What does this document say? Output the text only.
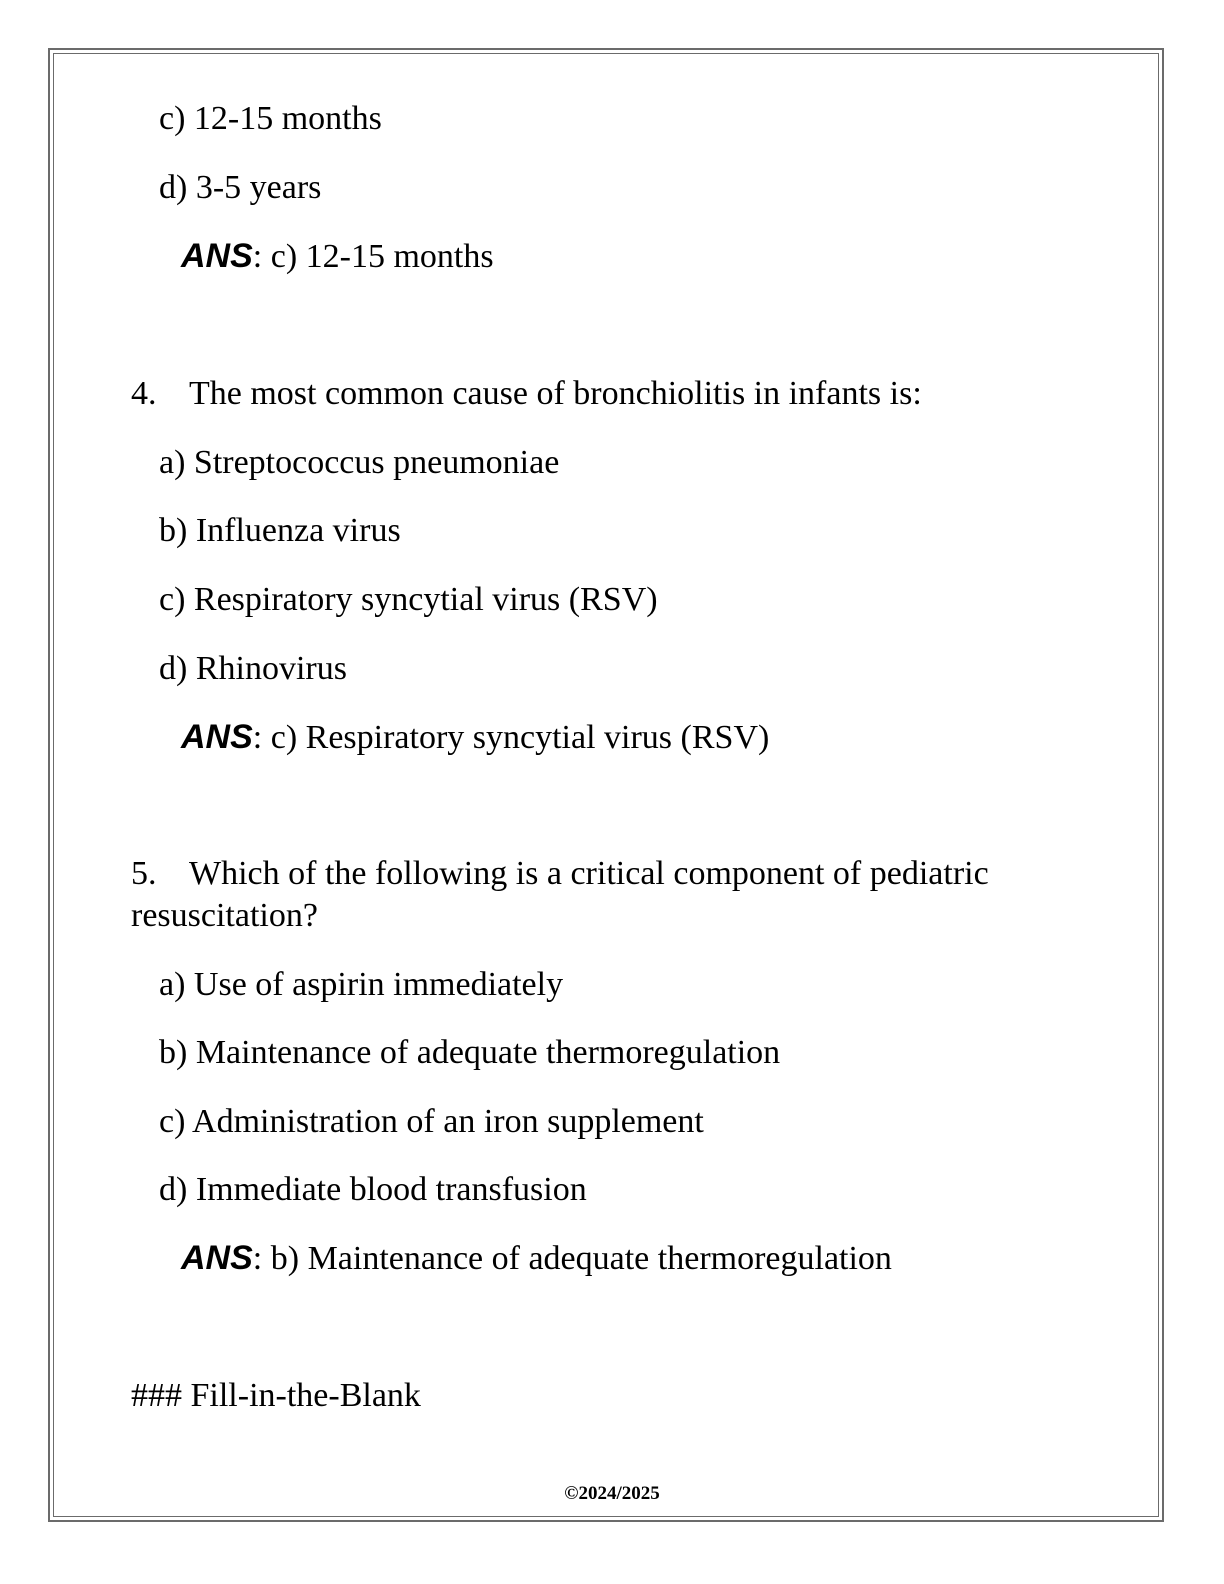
c) 12-15 months
d) 3-5 years
ANS: c) 12-15 months
4. The most common cause of bronchiolitis in infants is:
a) Streptococcus pneumoniae
b) Influenza virus
c) Respiratory syncytial virus (RSV)
d) Rhinovirus
ANS: c) Respiratory syncytial virus (RSV)
5. Which of the following is a critical component of pediatric
resuscitation?
a) Use of aspirin immediately
b) Maintenance of adequate thermoregulation
c) Administration of an iron supplement
d) Immediate blood transfusion
ANS: b) Maintenance of adequate thermoregulation
### Fill-in-the-Blank
©2024/2025
